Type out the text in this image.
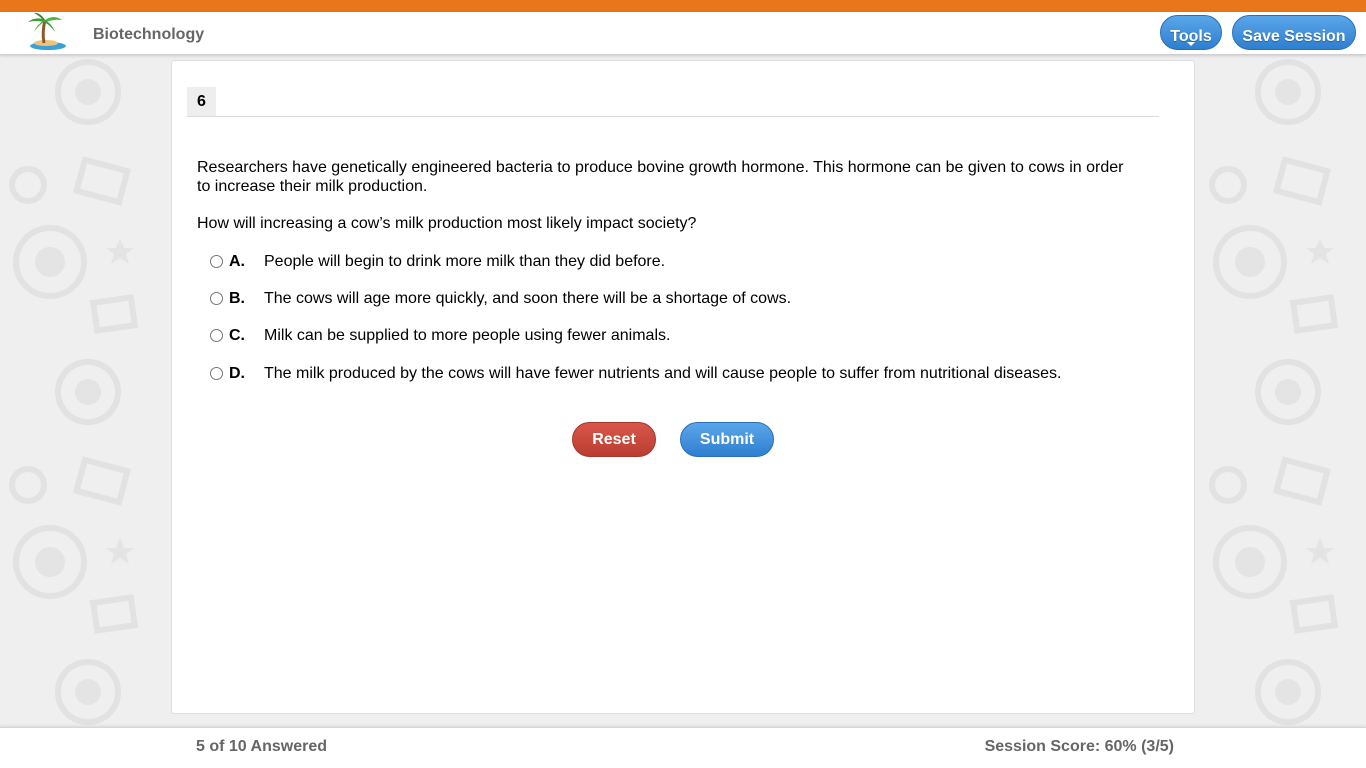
Biotechnology	Tools	Save Session
6
Researchers have genetically engineered bacteria to produce bovine growth hormone. This hormone can be given to cows in order to increase their milk production.
How will increasing a cow’s milk production most likely impact society?
A. People will begin to drink more milk than they did before.
B. The cows will age more quickly, and soon there will be a shortage of cows.
C. Milk can be supplied to more people using fewer animals.
D. The milk produced by the cows will have fewer nutrients and will cause people to suffer from nutritional diseases.
Reset	Submit
5 of 10 Answered	Session Score: 60% (3/5)
